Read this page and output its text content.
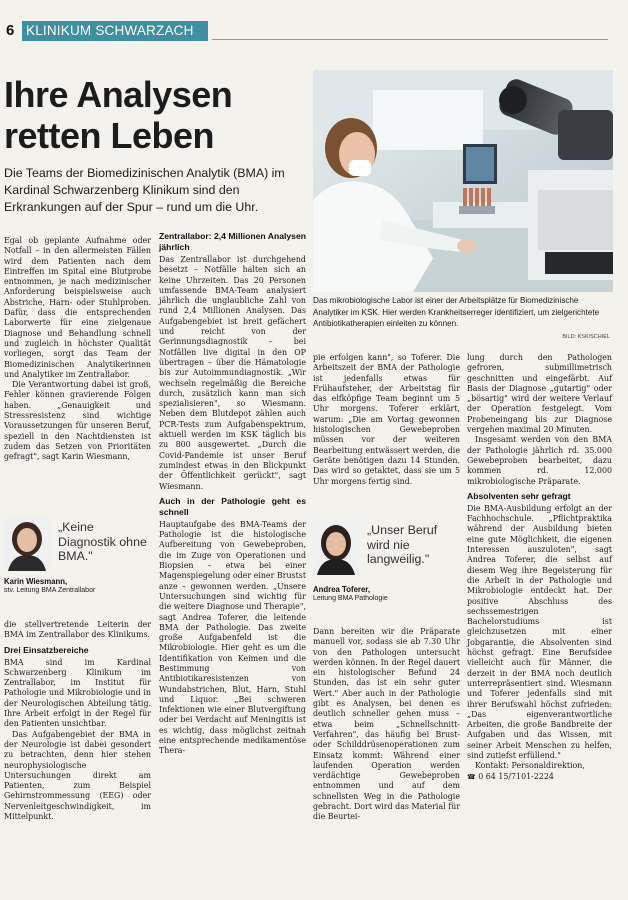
6 KLINIKUM SCHWARZACH
Ihre Analysen
retten Leben
Die Teams der Biomedizinischen Analytik (BMA) im Kardinal Schwarzenberg Klinikum sind den Erkrankungen auf der Spur – rund um die Uhr.
Das mikrobiologische Labor ist einer der Arbeitsplätze für Biomedizinische Analytiker im KSK. Hier werden Krankheitserreger identifiziert, um zielgerichtete Antibiotikatherapien einleiten zu können.
BILD: KSK/SCHIEL

Egal ob geplante Aufnahme oder Notfall – in den allermeisten Fällen wird dem Patienten nach dem Eintreffen im Spital eine Blutprobe entnommen, je nach medizinischer Anforderung beispielsweise auch Abstriche, Harn- oder Stuhlproben. Dafür, dass die entsprechenden Laborwerte für eine zielgenaue Diagnose und Behandlung schnell und zugleich in höchster Qualität vorliegen, sorgt das Team der Biomedizinischen Analytikerinnen und Analytiker im Zentrallabor.

Die Verantwortung dabei ist groß, Fehler können gravierende Folgen haben. „Genauigkeit und Stressresistenz sind wichtige Voraussetzungen für unseren Beruf, speziell in den Nachtdiensten ist zudem das Setzen von Prioritäten gefragt", sagt Karin Wiesmann,

„Keine Diagnostik ohne BMA."
Karin Wiesmann,
stv. Leitung BMA Zentrallabor

die stellvertretende Leiterin der BMA im Zentrallabor des Klinikums.

Drei Einsatzbereiche

BMA sind im Kardinal Schwarzenberg Klinikum im Zentrallabor, im Institut für Pathologie und Mikrobiologie und in der Neurologischen Abteilung tätig. Ihre Arbeit erfolgt in der Regel für den Patienten unsichtbar.

Das Aufgabengebiet der BMA in der Neurologie ist dabei gesondert zu betrachten, denn hier stehen neurophysiologische Untersuchungen direkt am Patienten, zum Beispiel Gehirnstrommessung (EEG) oder Nervenleitgeschwindigkeit, im Mittelpunkt.

Zentrallabor: 2,4 Millionen Analysen jährlich

Das Zentrallabor ist durchgehend besetzt – Notfälle halten sich an keine Uhrzeiten. Das 20 Personen umfassende BMA-Team analysiert jährlich die unglaubliche Zahl von rund 2,4 Millionen Analysen. Das Aufgabengebiet ist breit gefächert und reicht von der Gerinnungsdiagnostik – bei Notfällen live digital in den OP übertragen – über die Hämatologie bis zur Autoimmundiagnostik. „Wir wechseln regelmäßig die Bereiche durch, zusätzlich kann man sich spezialisieren", so Wiesmann. Neben dem Blutdepot zählen auch PCR-Tests zum Aufgabenspektrum, aktuell werden im KSK täglich bis zu 800 ausgewertet. „Durch die Covid-Pandemie ist unser Beruf zumindest etwas in den Blickpunkt der Öffentlichkeit gerückt", sagt Wiesmann.

Auch in der Pathologie geht es schnell

Hauptaufgabe des BMA-Teams der Pathologie ist die histologische Aufbereitung von Gewebeproben, die im Zuge von Operationen und Biopsien – etwa bei einer Magenspiegelung oder einer Brustst anze – gewonnen werden. „Unsere Untersuchungen sind wichtig für die weitere Diagnose und Therapie", sagt Andrea Toferer, die leitende BMA der Pathologie. Das zweite große Aufgabenfeld ist die Mikrobiologie. Hier geht es um die Identifikation von Keimen und die Bestimmung von Antibiotikaresistenzen von Wundabstrichen, Blut, Harn, Stuhl und Liquor. „Bei schweren Infektionen wie einer Blutvergiftung oder bei Verdacht auf Meningitis ist es wichtig, dass möglichst zeitnah eine entsprechende medikamentöse Thera-

pie erfolgen kann", so Toferer. Die Arbeitszeit der BMA der Pathologie ist jedenfalls etwas für Frühaufsteher, der Arbeitstag für das elfköpfige Team beginnt um 5 Uhr morgens. Toferer erklärt, warum: „Die am Vortag gewonnen histologischen Gewebeproben müssen vor der weiteren Bearbeitung entwässert werden, die Geräte benötigen dazu 14 Stunden. Das wird so getaktet, dass sie um 5 Uhr morgens fertig sind.

„Unser Beruf wird nie langweilig."
Andrea Toferer,
Leitung BMA Pathologie

Dann bereiten wir die Präparate manuell vor, sodass sie ab 7.30 Uhr von den Pathologen untersucht werden können. In der Regel dauert ein histologischer Befund 24 Stunden, das ist ein sehr guter Wert." Aber auch in der Pathologie gibt es Analysen, bei denen es deutlich schneller gehen muss – etwa beim „Schnellschnitt-Verfahren", das häufig bei Brust- oder Schilddrüsenoperationen zum Einsatz kommt: Während einer laufenden Operation werden verdächtige Gewebeproben entnommen und auf dem schnellsten Weg in die Pathologie gebracht. Dort wird das Material für die Beurtei-

lung durch den Pathologen gefroren, submillimetrisch geschnitten und eingefärbt. Auf Basis der Diagnose „gutartig" oder „bösartig" wird der weitere Verlauf der Operation festgelegt. Vom Probeneingang bis zur Diagnose vergehen maximal 20 Minuten.

Insgesamt werden von den BMA der Pathologie jährlich rd. 35.000 Gewebeproben bearbeitet, dazu kommen rd. 12.000 mikrobiologische Präparate.

Absolventen sehr gefragt

Die BMA-Ausbildung erfolgt an der Fachhochschule. „Pflichtpraktika während der Ausbildung bieten eine gute Möglichkeit, die eigenen Interessen auszuloten", sagt Andrea Toferer, die selbst auf diesem Weg ihre Begeisterung für die Arbeit in der Pathologie und Mikrobiologie entdeckt hat. Der positive Abschluss des sechssemestrigen Bachelorstudiums ist gleichzusetzen mit einer Jobgarantie, die Absolventen sind höchst gefragt. Eine Berufsidee vielleicht auch für Männer, die derzeit in der BMA noch deutlich unterrepräsentiert sind. Wiesmann und Toferer jedenfalls sind mit ihrer Berufswahl höchst zufrieden: „Das eigenverantwortliche Arbeiten, die große Bandbreite der Aufgaben und das Wissen, mit seiner Arbeit Menschen zu helfen, sind zutiefst erfüllend."

Kontakt: Personaldirektion,

☎ 0 64 15/7101-2224
